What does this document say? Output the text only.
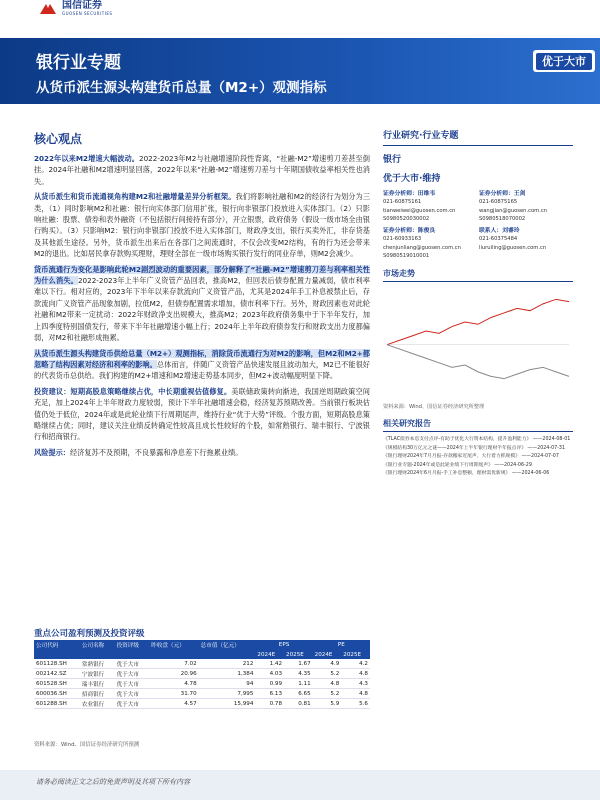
国信证券
GUOSEN SECURITIES
银行业专题
从货币派生源头构建货币总量（M2+）观测指标
优于大市
核心观点

2022年以来M2增速大幅波动。2022-2023年M2与社融增速阶段性背离，“社融-M2”增速剪刀差甚至倒挂。2024年社融和M2增速明显回落，2022年以来“社融-M2”增速剪刀差与十年期国债收益率相关性也消失。

从货币派生和货币流通视角构建M2和社融增量差异分析框架。我们将影响社融和M2的经济行为划分为三类，（1）同时影响M2和社融：银行向实体部门信用扩张，银行向非银部门投放进入实体部门。（2）只影响社融：股票、债券和表外融资（不包括银行间接持有部分），开立银票，政府债务（假设一级市场全由银行购买）。（3）只影响M2：银行向非银部门投放不进入实体部门，财政净支出，银行买卖外汇，非存贷基及其他派生途径。另外，货币派生出来后在各部门之间流通时，不仅会改变M2结构，有的行为还会带来M2的退出。比如居民拿存款购买理财，理财全部在一级市场购买银行发行的同业存单，则M2会减少。

货币流通行为变化是影响此轮M2剧烈波动的重要因素，部分解释了“社融-M2”增速剪刀差与利率相关性为什么消失。2022-2023年上半年广义资管产品回表，推高M2，但回表后债券配置力量减弱，债市利率难以下行。相对应的，2023年下半年以来存款流向广义资管产品，尤其是2024年手工补息被禁止后，存款流向广义资管产品现象加剧，拉低M2，但债券配置需求增加，债市利率下行。另外，财政因素也对此轮社融和M2带来一定扰动：2022年财政净支出规模大，推高M2；2023年政府债务集中于下半年发行，加上四季度特别国债发行，带来下半年社融增速小幅上行；2024年上半年政府债券发行和财政支出力度都偏弱，对M2和社融形成拖累。

从货币派生源头构建货币供给总量（M2+）观测指标，消除货币流通行为对M2的影响，但M2和M2+都忽略了结构因素对经济和利率的影响。总体而言，伴随广义资管产品快速发展且波动加大，M2已不能很好的代表货币总供给。我们构建的M2+增速和M2增速走势基本同步，但M2+波动幅度明显下降。

投资建议：短期高股息策略继续占优，中长期重视估值修复。美联储政策转向渐进，我国逆周期政策空间充足，加上2024年上半年财政力度较弱，预计下半年社融增速会稳，经济复苏预期改善。当前银行板块估值仍处于低位，2024年或是此轮业绩下行周期尾声，维持行业“优于大势”评级。个股方面，短期高股息策略继续占优；同时，建议关注业绩反转确定性较高且成长性较好的个股，如常熟银行、瑞丰银行、宁波银行和招商银行。

风险提示：经济复苏不及预期，不良暴露和净息差下行拖累业绩。

重点公司盈利预测及投资评级
公司代码	公司名称	投资评级	昨收盘（元）	总市值（亿元）	EPS		PE	
					2024E	2025E	2024E	2025E
601128.SH	常熟银行	优于大市	7.02	212	1.42	1.67	4.9	4.2
002142.SZ	宁波银行	优于大市	20.96	1,384	4.03	4.35	5.2	4.8
601528.SH	瑞丰银行	优于大市	4.78	94	0.99	1.11	4.8	4.3
600036.SH	招商银行	优于大市	31.70	7,995	6.13	6.65	5.2	4.8
601288.SH	农业银行	优于大市	4.57	15,994	0.78	0.81	5.9	5.6
资料来源：Wind、国信证券经济研究所预测
行业研究·行业专题
银行
优于大市·维持
证券分析师：田维韦
021-60875161
tianweiwei@guosen.com.cn
S0980520030002
证券分析师：王剑
021-60875165
wangjian@guosen.com.cn
S0980518070002
证券分析师：陈俊良
021-60933163
chenjunliang@guosen.com.cn
S0980519010001
联系人：刘睿玲
021-60375484
liuruiling@guosen.com.cn
市场走势
资料来源：Wind、国信证券经济研究所整理
相关研究报告
《TLAC债券本息支付点评-有助于优化大行资本结构，提升盈利能力》 ——2024-08-01
《规模结构30万亿元之谜——2024年上半年银行理财半年报点评》 ——2024-07-31
《银行理财2024年7月月报-存款搬家近尾声，大行着力抓规模》 ——2024-07-07
《银行业专题-2024年或是此轮业绩下行周期尾声》 ——2024-06-29
《银行理财2024年6月月报-手工补息整顿，理财需优新规》 ——2024-06-06
请务必阅读正文之后的免责声明及其项下所有内容
